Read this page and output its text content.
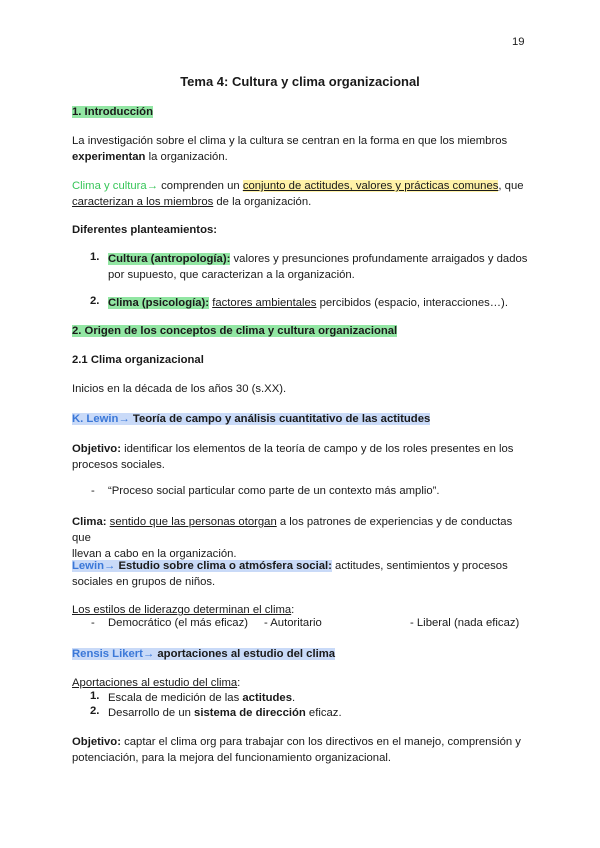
19
Tema 4: Cultura y clima organizacional
1. Introducción
La investigación sobre el clima y la cultura se centran en la forma en que los miembros
experimentan la organización.
Clima y cultura→ comprenden un conjunto de actitudes, valores y prácticas comunes, que
caracterizan a los miembros de la organización.
Diferentes planteamientos:
1. Cultura (antropología): valores y presunciones profundamente arraigados y dados
por supuesto, que caracterizan a la organización.
2. Clima (psicología): factores ambientales percibidos (espacio, interacciones…).
2. Origen de los conceptos de clima y cultura organizacional
2.1 Clima organizacional
Inicios en la década de los años 30 (s.XX).
K. Lewin→ Teoría de campo y análisis cuantitativo de las actitudes
Objetivo: identificar los elementos de la teoría de campo y de los roles presentes en los
procesos sociales.
- “Proceso social particular como parte de un contexto más amplio”.
Clima: sentido que las personas otorgan a los patrones de experiencias y de conductas que
llevan a cabo en la organización.
Lewin→ Estudio sobre clima o atmósfera social: actitudes, sentimientos y procesos
sociales en grupos de niños.
Los estilos de liderazgo determinan el clima:
- Democrático (el más eficaz) - Autoritario	- Liberal (nada eficaz)
Rensis Likert→ aportaciones al estudio del clima
Aportaciones al estudio del clima:
1. Escala de medición de las actitudes.
2. Desarrollo de un sistema de dirección eficaz.
Objetivo: captar el clima org para trabajar con los directivos en el manejo, comprensión y
potenciación, para la mejora del funcionamiento organizacional.
